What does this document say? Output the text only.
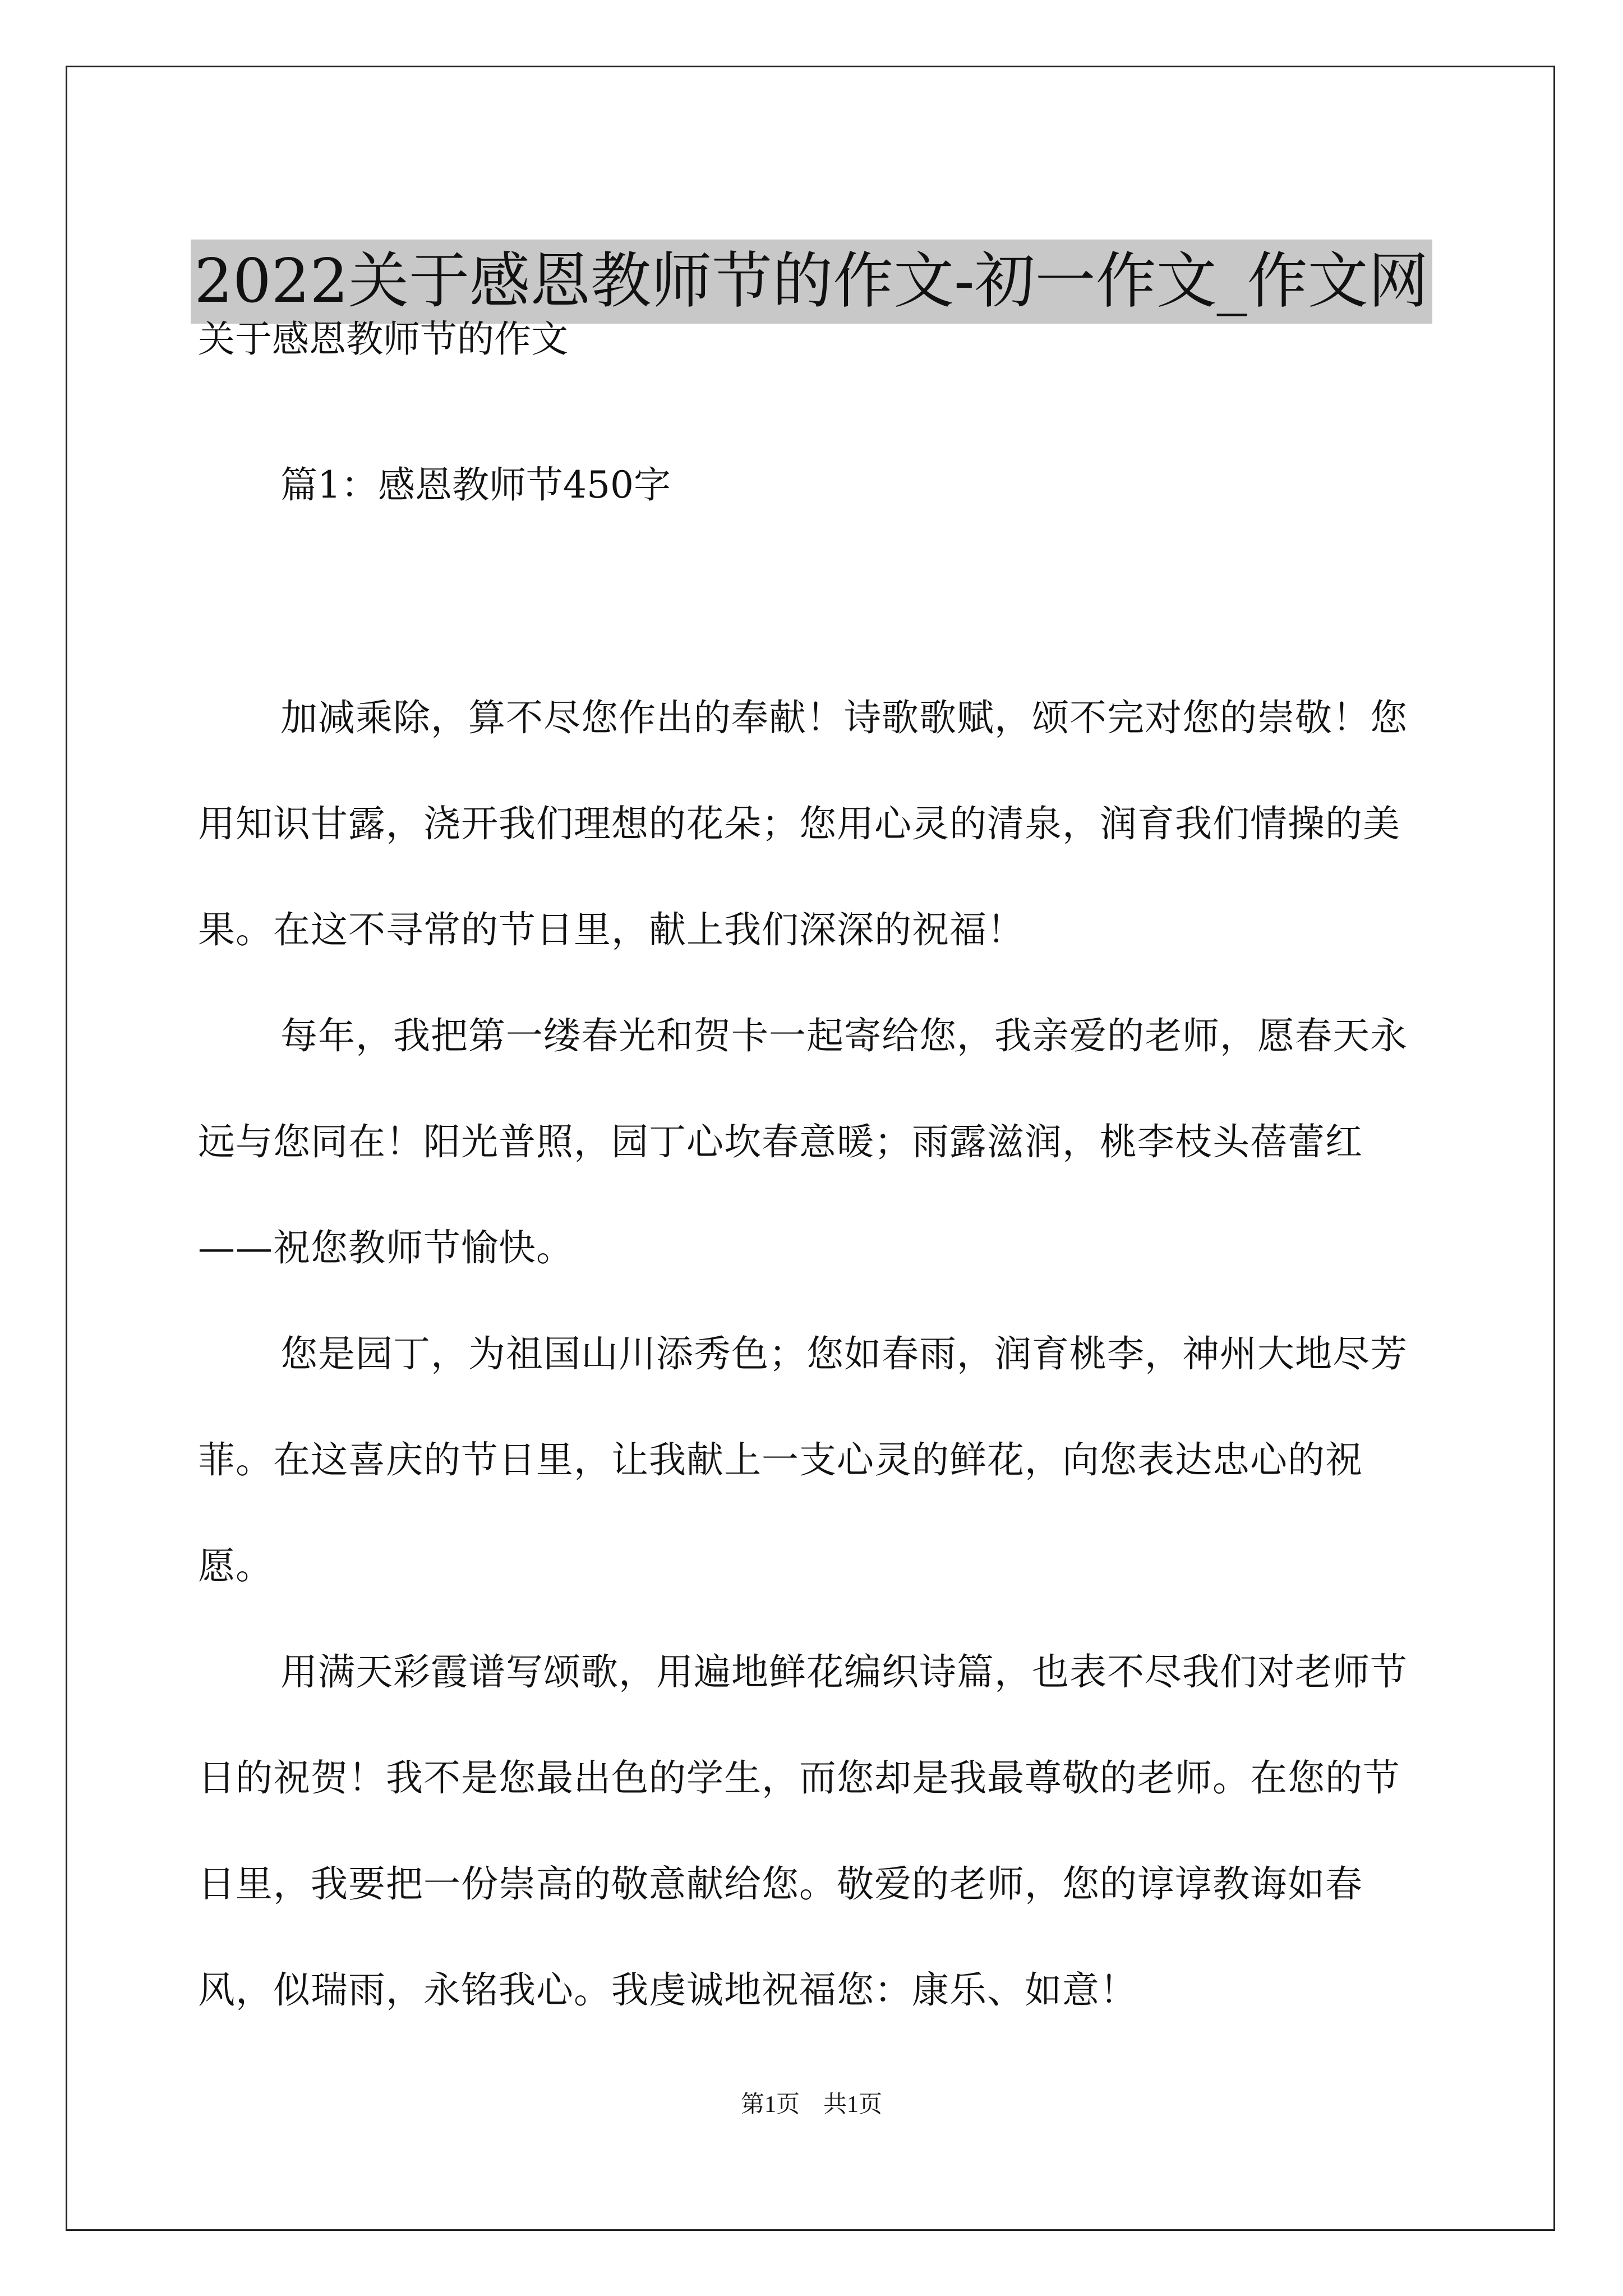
2022关于感恩教师节的作文-初一作文_作文网
关于感恩教师节的作文
篇1：感恩教师节450字

加减乘除，算不尽您作出的奉献！诗歌歌赋，颂不完对您的崇敬！您用知识甘露，浇开我们理想的花朵；您用心灵的清泉，润育我们情操的美果。在这不寻常的节日里，献上我们深深的祝福！

每年，我把第一缕春光和贺卡一起寄给您，我亲爱的老师，愿春天永远与您同在！阳光普照，园丁心坎春意暖；雨露滋润，桃李枝头蓓蕾红——祝您教师节愉快。

您是园丁，为祖国山川添秀色；您如春雨，润育桃李，神州大地尽芳菲。在这喜庆的节日里，让我献上一支心灵的鲜花，向您表达忠心的祝愿。

用满天彩霞谱写颂歌，用遍地鲜花编织诗篇，也表不尽我们对老师节日的祝贺！我不是您最出色的学生，而您却是我最尊敬的老师。在您的节日里，我要把一份崇高的敬意献给您。敬爱的老师，您的谆谆教诲如春风，似瑞雨，永铭我心。我虔诚地祝福您：康乐、如意！

第1页　共1页
